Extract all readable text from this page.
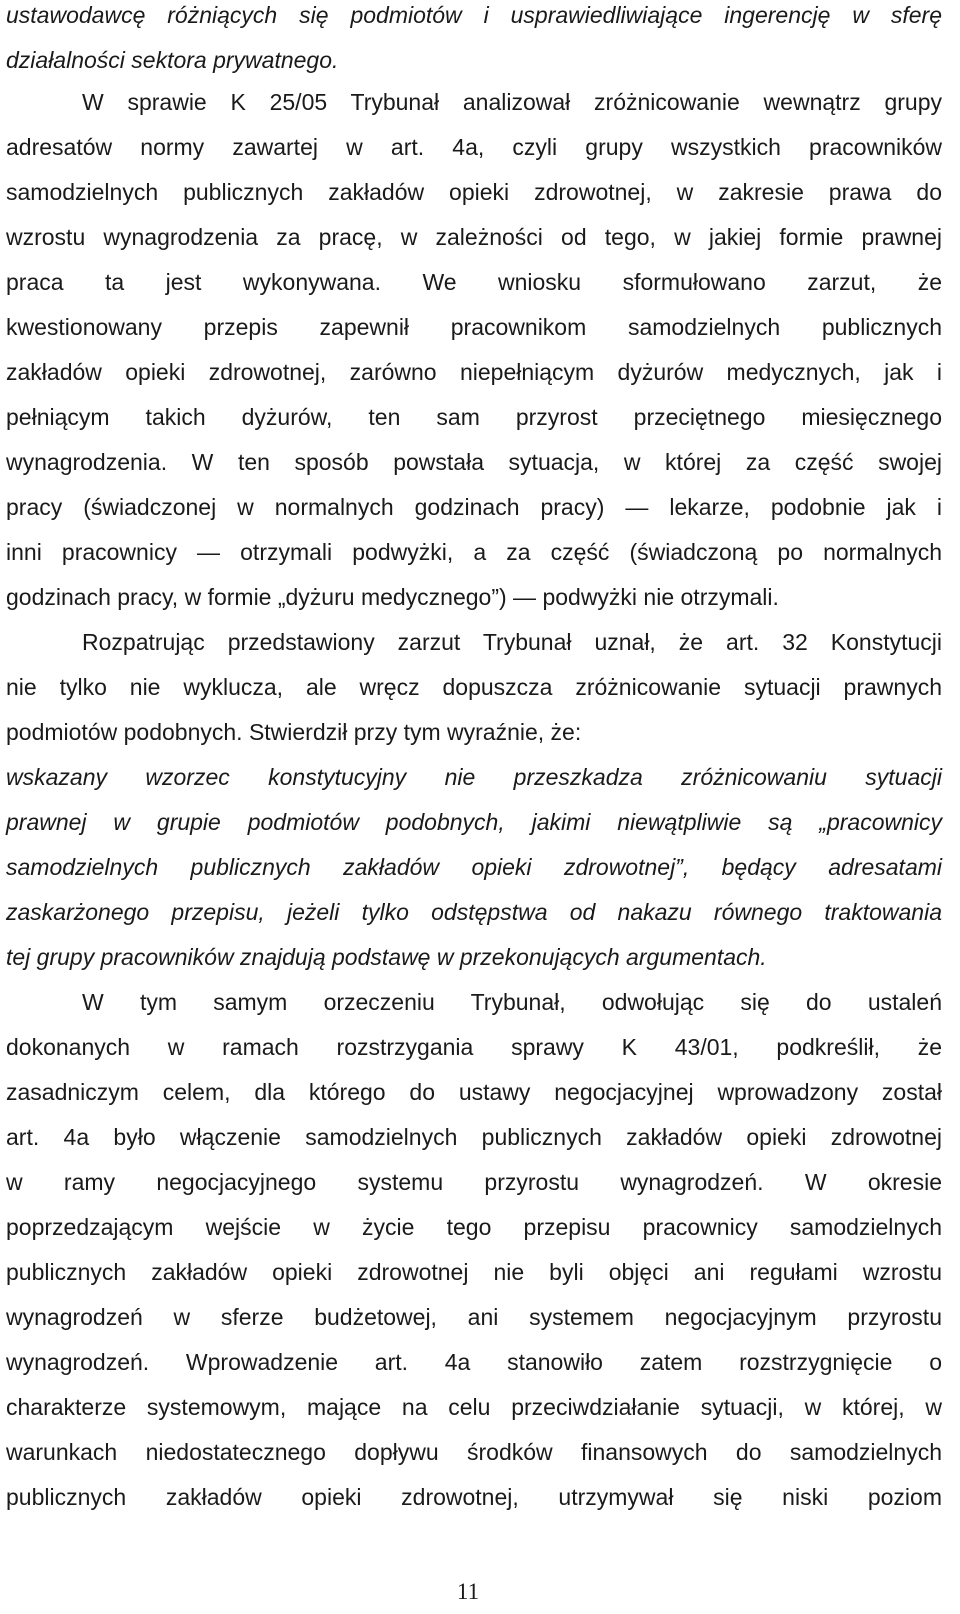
ustawodawcę różniących się podmiotów i usprawiedliwiające ingerencję w sferę
działalności sektora prywatnego.
W sprawie K 25/05 Trybunał analizował zróżnicowanie wewnątrz grupy
adresatów normy zawartej w art. 4a, czyli grupy wszystkich pracowników
samodzielnych publicznych zakładów opieki zdrowotnej, w zakresie prawa do
wzrostu wynagrodzenia za pracę, w zależności od tego, w jakiej formie prawnej
praca ta jest wykonywana. We wniosku sformułowano zarzut, że
kwestionowany przepis zapewnił pracownikom samodzielnych publicznych
zakładów opieki zdrowotnej, zarówno niepełniącym dyżurów medycznych, jak i
pełniącym takich dyżurów, ten sam przyrost przeciętnego miesięcznego
wynagrodzenia. W ten sposób powstała sytuacja, w której za część swojej
pracy (świadczonej w normalnych godzinach pracy) — lekarze, podobnie jak i
inni pracownicy — otrzymali podwyżki, a za część (świadczoną po normalnych
godzinach pracy, w formie „dyżuru medycznego”) — podwyżki nie otrzymali.
Rozpatrując przedstawiony zarzut Trybunał uznał, że art. 32 Konstytucji
nie tylko nie wyklucza, ale wręcz dopuszcza zróżnicowanie sytuacji prawnych
podmiotów podobnych. Stwierdził przy tym wyraźnie, że:
wskazany wzorzec konstytucyjny nie przeszkadza zróżnicowaniu sytuacji
prawnej w grupie podmiotów podobnych, jakimi niewątpliwie są „pracownicy
samodzielnych publicznych zakładów opieki zdrowotnej”, będący adresatami
zaskarżonego przepisu, jeżeli tylko odstępstwa od nakazu równego traktowania
tej grupy pracowników znajdują podstawę w przekonujących argumentach.
W tym samym orzeczeniu Trybunał, odwołując się do ustaleń
dokonanych w ramach rozstrzygania sprawy K 43/01, podkreślił, że
zasadniczym celem, dla którego do ustawy negocjacyjnej wprowadzony został
art. 4a było włączenie samodzielnych publicznych zakładów opieki zdrowotnej
w ramy negocjacyjnego systemu przyrostu wynagrodzeń. W okresie
poprzedzającym wejście w życie tego przepisu pracownicy samodzielnych
publicznych zakładów opieki zdrowotnej nie byli objęci ani regułami wzrostu
wynagrodzeń w sferze budżetowej, ani systemem negocjacyjnym przyrostu
wynagrodzeń. Wprowadzenie art. 4a stanowiło zatem rozstrzygnięcie o
charakterze systemowym, mające na celu przeciwdziałanie sytuacji, w której, w
warunkach niedostatecznego dopływu środków finansowych do samodzielnych
publicznych zakładów opieki zdrowotnej, utrzymywał się niski poziom
11
